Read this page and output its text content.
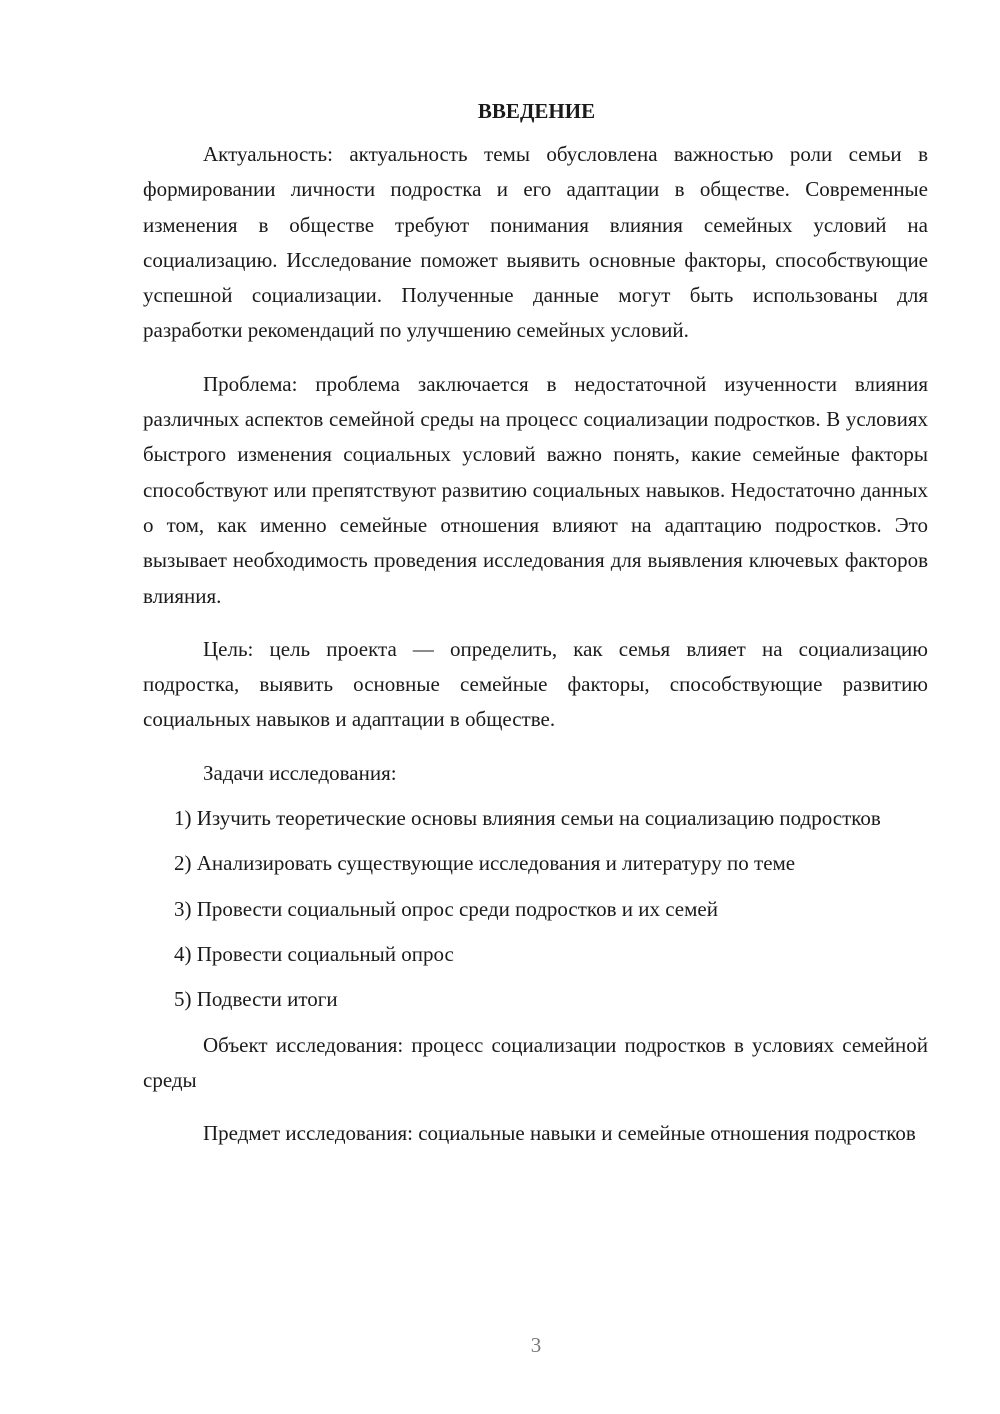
ВВЕДЕНИЕ

Актуальность: актуальность темы обусловлена важностью роли семьи в формировании личности подростка и его адаптации в обществе. Современные изменения в обществе требуют понимания влияния семейных условий на социализацию. Исследование поможет выявить основные факторы, способствующие успешной социализации. Полученные данные могут быть использованы для разработки рекомендаций по улучшению семейных условий.

Проблема: проблема заключается в недостаточной изученности влияния различных аспектов семейной среды на процесс социализации подростков. В условиях быстрого изменения социальных условий важно понять, какие семейные факторы способствуют или препятствуют развитию социальных навыков. Недостаточно данных о том, как именно семейные отношения влияют на адаптацию подростков. Это вызывает необходимость проведения исследования для выявления ключевых факторов влияния.

Цель: цель проекта — определить, как семья влияет на социализацию подростка, выявить основные семейные факторы, способствующие развитию социальных навыков и адаптации в обществе.

Задачи исследования:

1) Изучить теоретические основы влияния семьи на социализацию подростков

2) Анализировать существующие исследования и литературу по теме

3) Провести социальный опрос среди подростков и их семей

4) Провести социальный опрос

5) Подвести итоги

Объект исследования: процесс социализации подростков в условиях семейной среды

Предмет исследования: социальные навыки и семейные отношения подростков

3
